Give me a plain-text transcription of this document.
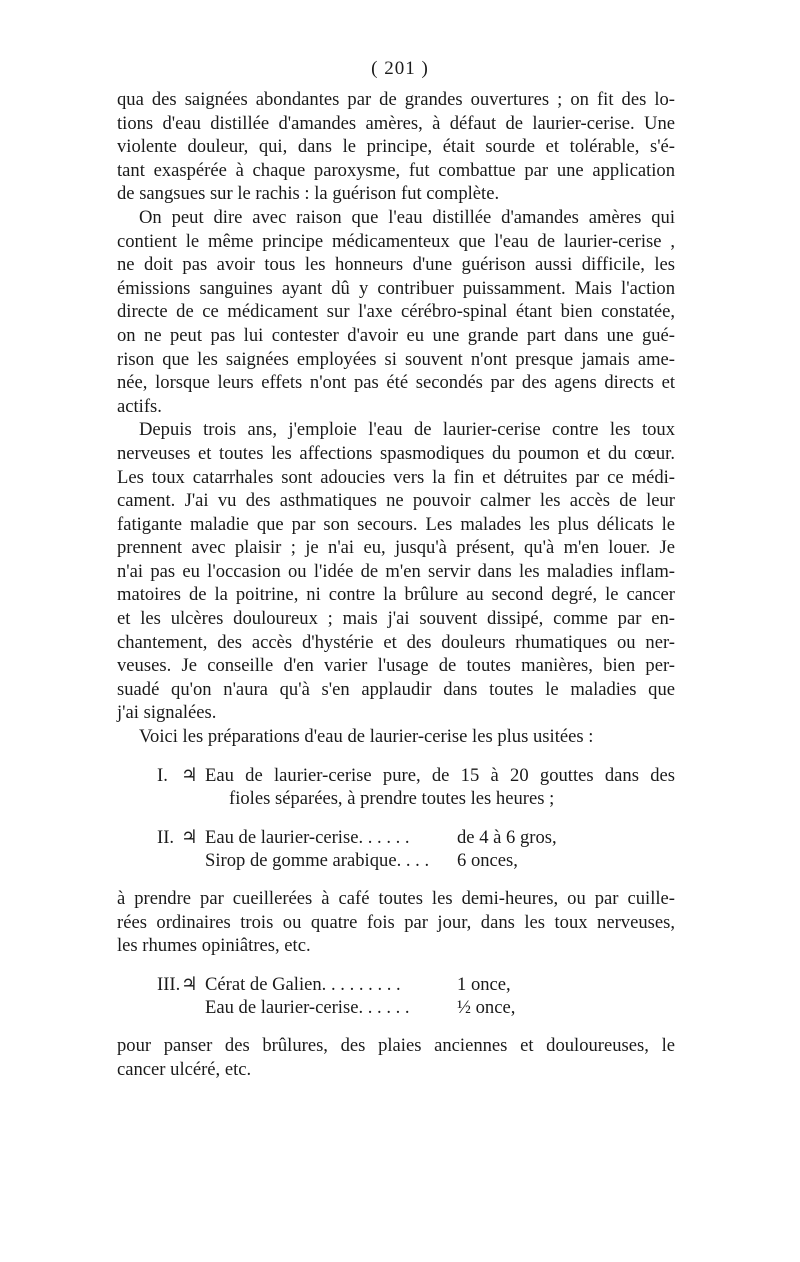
( 201 )

qua des saignées abondantes par de grandes ouvertures ; on fit des lo-
tions d'eau distillée d'amandes amères, à défaut de laurier-cerise. Une
violente douleur, qui, dans le principe, était sourde et tolérable, s'é-
tant exaspérée à chaque paroxysme, fut combattue par une application
de sangsues sur le rachis : la guérison fut complète.

On peut dire avec raison que l'eau distillée d'amandes amères qui
contient le même principe médicamenteux que l'eau de laurier-cerise ,
ne doit pas avoir tous les honneurs d'une guérison aussi difficile, les
émissions sanguines ayant dû y contribuer puissamment. Mais l'action
directe de ce médicament sur l'axe cérébro-spinal étant bien constatée,
on ne peut pas lui contester d'avoir eu une grande part dans une gué-
rison que les saignées employées si souvent n'ont presque jamais ame-
née, lorsque leurs effets n'ont pas été secondés par des agens directs et
actifs.

Depuis trois ans, j'emploie l'eau de laurier-cerise contre les toux
nerveuses et toutes les affections spasmodiques du poumon et du cœur.
Les toux catarrhales sont adoucies vers la fin et détruites par ce médi-
cament. J'ai vu des asthmatiques ne pouvoir calmer les accès de leur
fatigante maladie que par son secours. Les malades les plus délicats le
prennent avec plaisir ; je n'ai eu, jusqu'à présent, qu'à m'en louer. Je
n'ai pas eu l'occasion ou l'idée de m'en servir dans les maladies inflam-
matoires de la poitrine, ni contre la brûlure au second degré, le cancer
et les ulcères douloureux ; mais j'ai souvent dissipé, comme par en-
chantement, des accès d'hystérie et des douleurs rhumatiques ou ner-
veuses. Je conseille d'en varier l'usage de toutes manières, bien per-
suadé qu'on n'aura qu'à s'en applaudir dans toutes le maladies que
j'ai signalées.

Voici les préparations d'eau de laurier-cerise les plus usitées :

I. ♃ Eau de laurier-cerise pure, de 15 à 20 gouttes dans des
fioles séparées, à prendre toutes les heures ;
II. ♃ Eau de laurier-cerise. . . . . .	de 4 à 6 gros,
Sirop de gomme arabique. . . .	6 onces,

à prendre par cueillerées à café toutes les demi-heures, ou par cuille-
rées ordinaires trois ou quatre fois par jour, dans les toux nerveuses,
les rhumes opiniâtres, etc.

III. ♃ Cérat de Galien. . . . . . . . .	1 once,
Eau de laurier-cerise. . . . . .	½ once,

pour panser des brûlures, des plaies anciennes et douloureuses, le
cancer ulcéré, etc.
